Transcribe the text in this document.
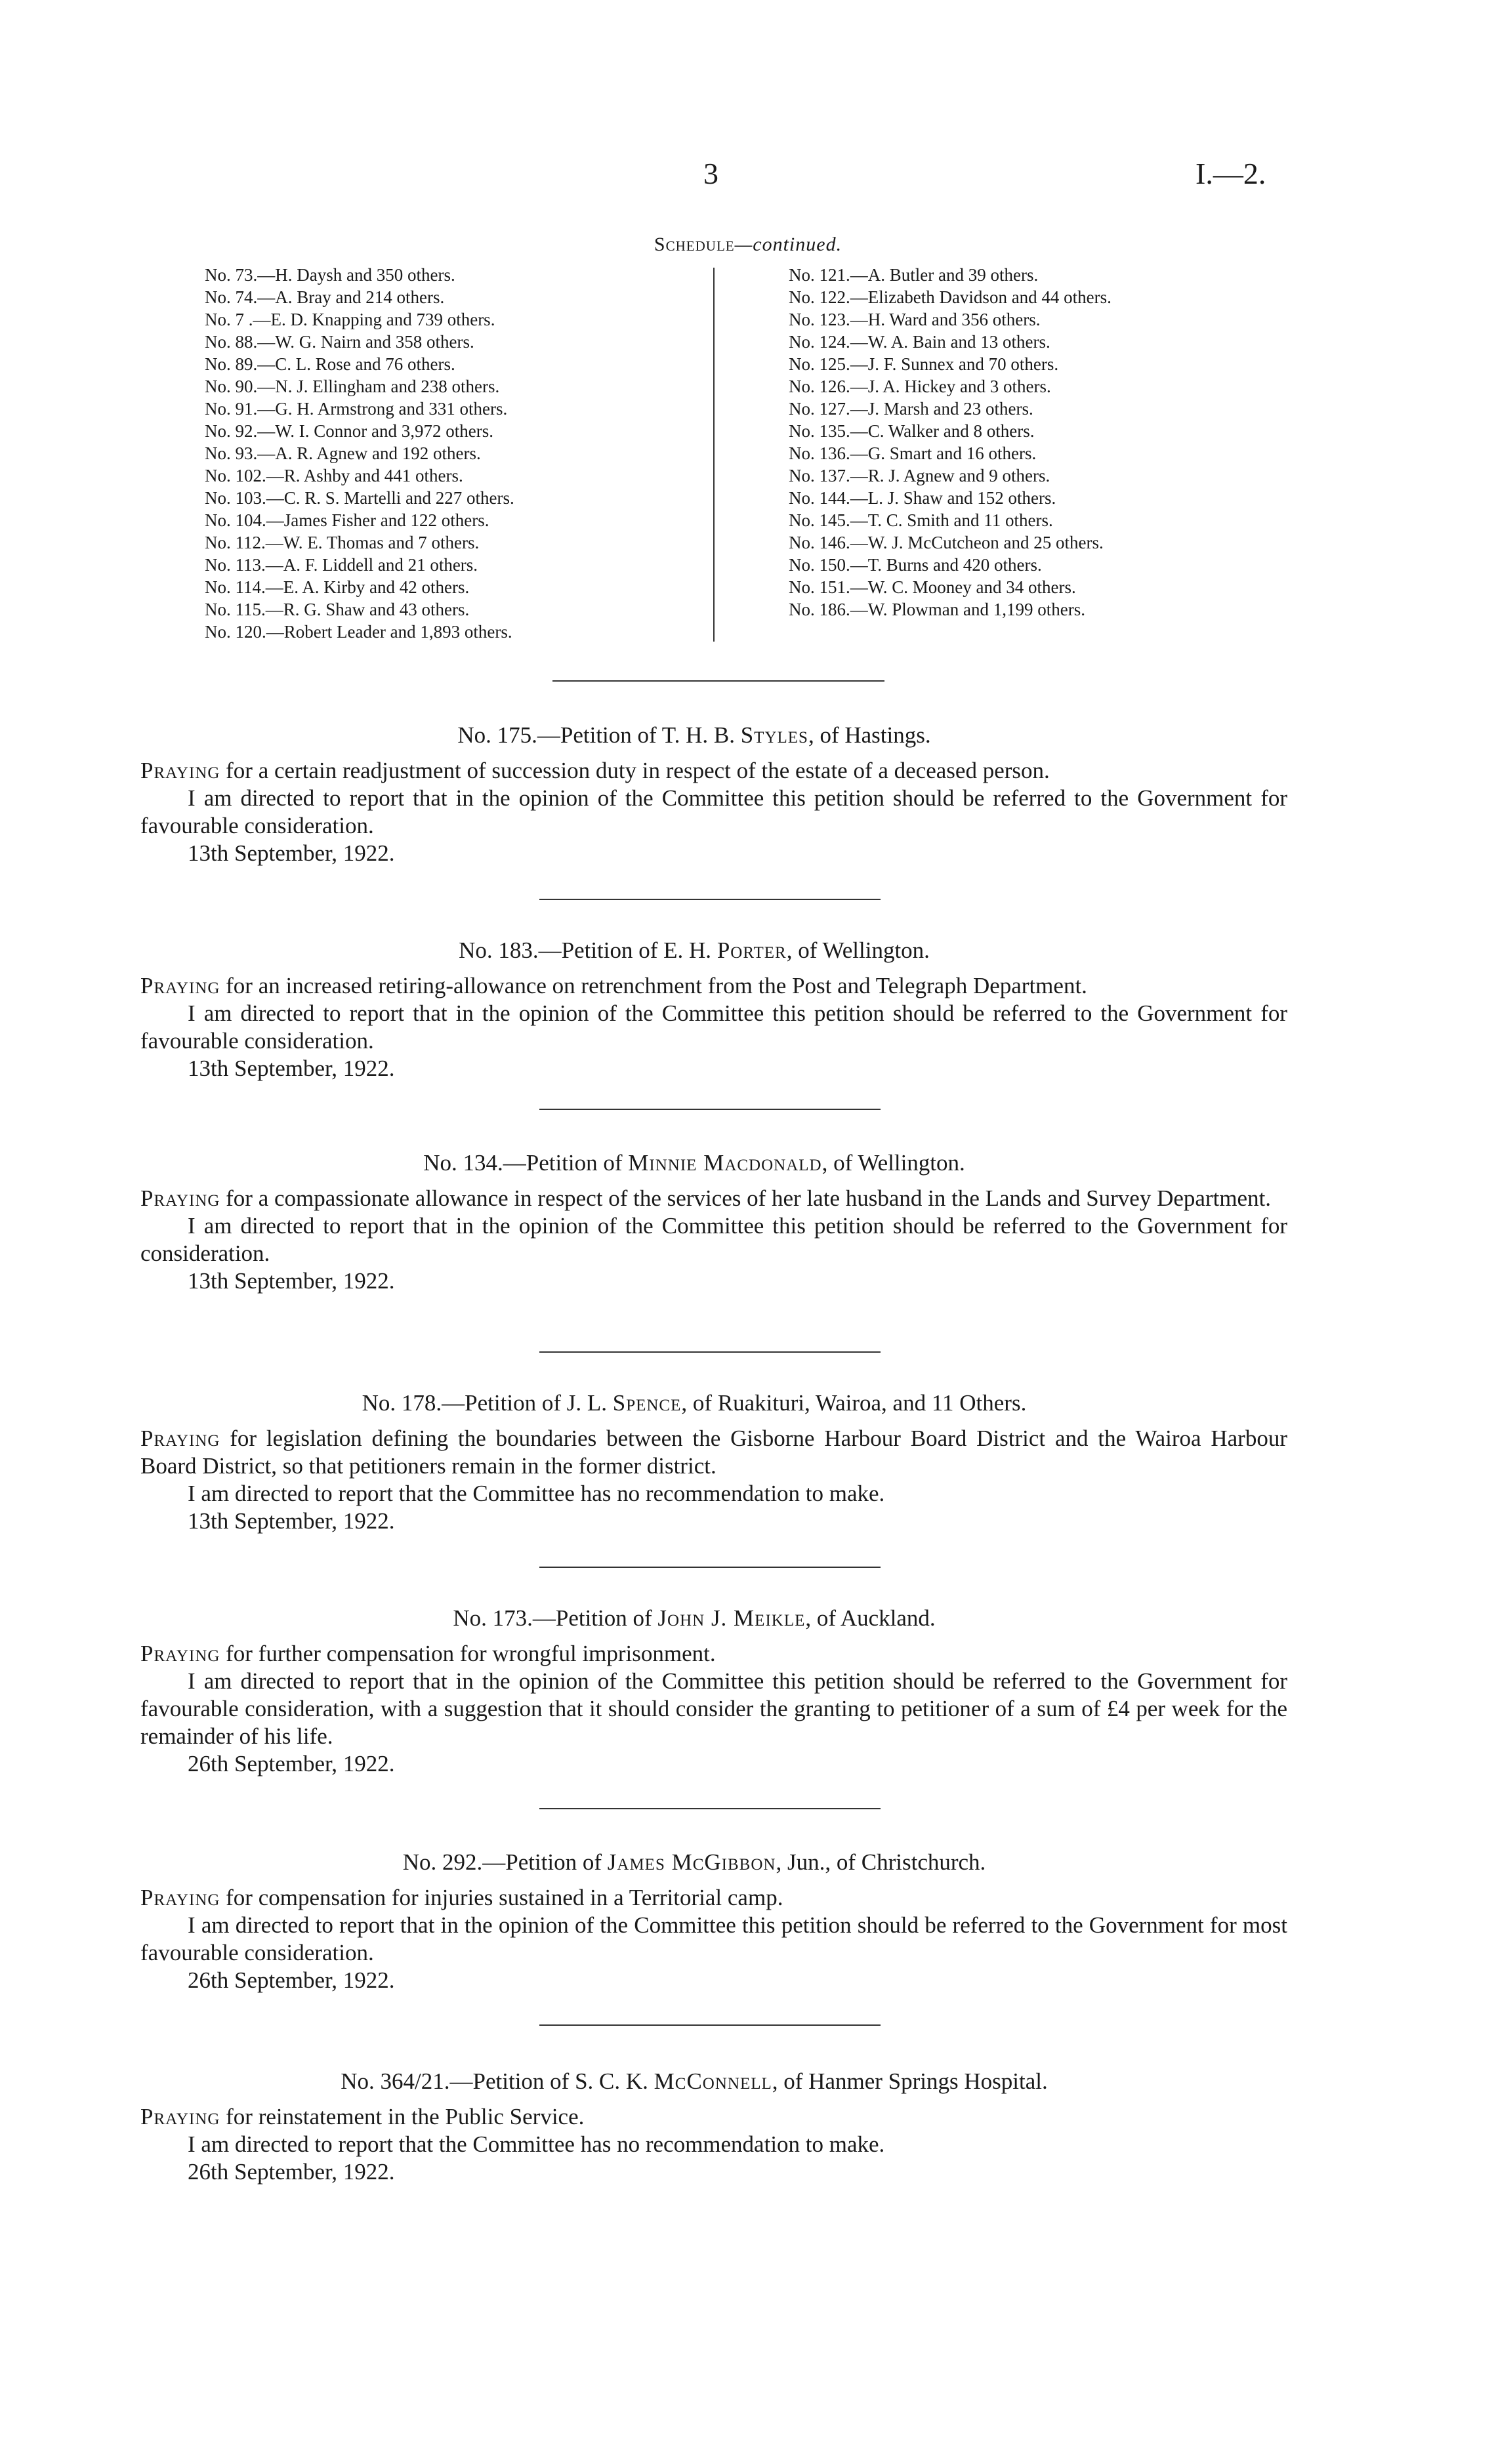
3	I.—2.
Schedule—continued.
No. 73.—H. Daysh and 350 others.
No. 74.—A. Bray and 214 others.
No. 7 .—E. D. Knapping and 739 others.
No. 88.—W. G. Nairn and 358 others.
No. 89.—C. L. Rose and 76 others.
No. 90.—N. J. Ellingham and 238 others.
No. 91.—G. H. Armstrong and 331 others.
No. 92.—W. I. Connor and 3,972 others.
No. 93.—A. R. Agnew and 192 others.
No. 102.—R. Ashby and 441 others.
No. 103.—C. R. S. Martelli and 227 others.
No. 104.—James Fisher and 122 others.
No. 112.—W. E. Thomas and 7 others.
No. 113.—A. F. Liddell and 21 others.
No. 114.—E. A. Kirby and 42 others.
No. 115.—R. G. Shaw and 43 others.
No. 120.—Robert Leader and 1,893 others.
No. 121.—A. Butler and 39 others.
No. 122.—Elizabeth Davidson and 44 others.
No. 123.—H. Ward and 356 others.
No. 124.—W. A. Bain and 13 others.
No. 125.—J. F. Sunnex and 70 others.
No. 126.—J. A. Hickey and 3 others.
No. 127.—J. Marsh and 23 others.
No. 135.—C. Walker and 8 others.
No. 136.—G. Smart and 16 others.
No. 137.—R. J. Agnew and 9 others.
No. 144.—L. J. Shaw and 152 others.
No. 145.—T. C. Smith and 11 others.
No. 146.—W. J. McCutcheon and 25 others.
No. 150.—T. Burns and 420 others.
No. 151.—W. C. Mooney and 34 others.
No. 186.—W. Plowman and 1,199 others.
No. 175.—Petition of T. H. B. Styles, of Hastings.

Praying for a certain readjustment of succession duty in respect of the estate of a deceased person.

I am directed to report that in the opinion of the Committee this petition should be referred to the Government for favourable consideration.

13th September, 1922.

No. 183.—Petition of E. H. Porter, of Wellington.

Praying for an increased retiring-allowance on retrenchment from the Post and Telegraph Department.

I am directed to report that in the opinion of the Committee this petition should be referred to the Government for favourable consideration.

13th September, 1922.

No. 134.—Petition of Minnie Macdonald, of Wellington.

Praying for a compassionate allowance in respect of the services of her late husband in the Lands and Survey Department.

I am directed to report that in the opinion of the Committee this petition should be referred to the Government for consideration.

13th September, 1922.

No. 178.—Petition of J. L. Spence, of Ruakituri, Wairoa, and 11 Others.

Praying for legislation defining the boundaries between the Gisborne Harbour Board District and the Wairoa Harbour Board District, so that petitioners remain in the former district.

I am directed to report that the Committee has no recommendation to make.

13th September, 1922.

No. 173.—Petition of John J. Meikle, of Auckland.

Praying for further compensation for wrongful imprisonment.

I am directed to report that in the opinion of the Committee this petition should be referred to the Government for favourable consideration, with a suggestion that it should consider the granting to petitioner of a sum of £4 per week for the remainder of his life.

26th September, 1922.

No. 292.—Petition of James McGibbon, Jun., of Christchurch.

Praying for compensation for injuries sustained in a Territorial camp.

I am directed to report that in the opinion of the Committee this petition should be referred to the Government for most favourable consideration.

26th September, 1922.

No. 364/21.—Petition of S. C. K. McConnell, of Hanmer Springs Hospital.

Praying for reinstatement in the Public Service.

I am directed to report that the Committee has no recommendation to make.

26th September, 1922.
